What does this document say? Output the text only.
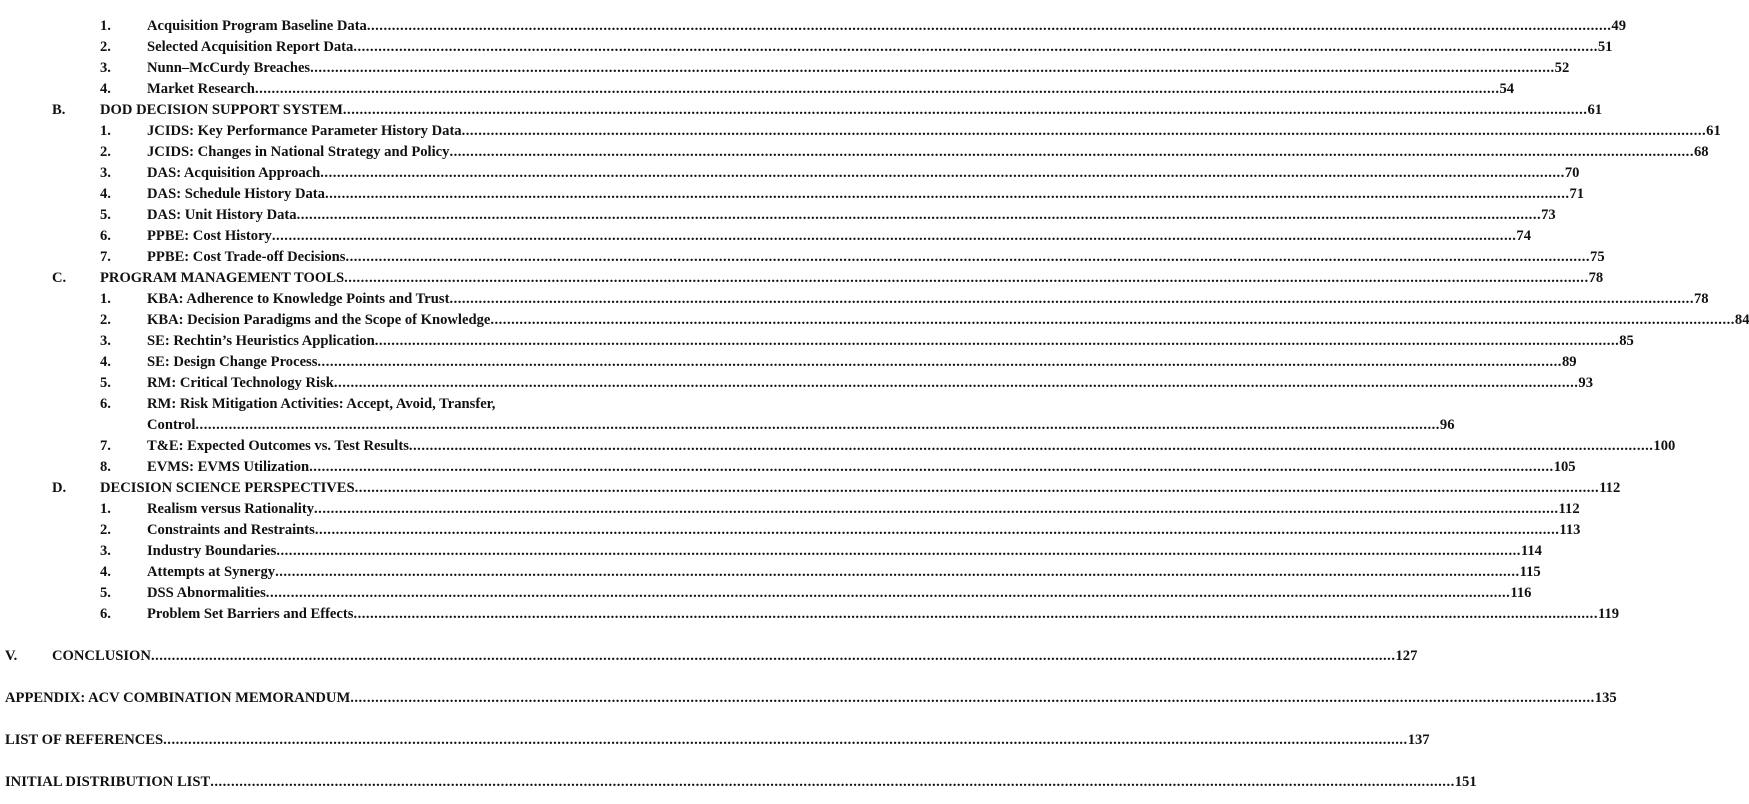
1. Acquisition Program Baseline Data ............................................................................................................................................................................................................................................................................................................ 49
2. Selected Acquisition Report Data ............................................................................................................................................................................................................................................................................................................ 51
3. Nunn–McCurdy Breaches ............................................................................................................................................................................................................................................................................................................ 52
4. Market Research ............................................................................................................................................................................................................................................................................................................ 54
B. DOD DECISION SUPPORT SYSTEM ............................................................................................................................................................................................................................................................................................................ 61
1. JCIDS: Key Performance Parameter History Data ............................................................................................................................................................................................................................................................................................................ 61
2. JCIDS: Changes in National Strategy and Policy ............................................................................................................................................................................................................................................................................................................ 68
3. DAS: Acquisition Approach ............................................................................................................................................................................................................................................................................................................ 70
4. DAS: Schedule History Data ............................................................................................................................................................................................................................................................................................................ 71
5. DAS: Unit History Data ............................................................................................................................................................................................................................................................................................................ 73
6. PPBE: Cost History ............................................................................................................................................................................................................................................................................................................ 74
7. PPBE: Cost Trade-off Decisions ............................................................................................................................................................................................................................................................................................................ 75
C. PROGRAM MANAGEMENT TOOLS ............................................................................................................................................................................................................................................................................................................ 78
1. KBA: Adherence to Knowledge Points and Trust ............................................................................................................................................................................................................................................................................................................ 78
2. KBA: Decision Paradigms and the Scope of Knowledge ............................................................................................................................................................................................................................................................................................................ 84
3. SE: Rechtin’s Heuristics Application ............................................................................................................................................................................................................................................................................................................ 85
4. SE: Design Change Process ............................................................................................................................................................................................................................................................................................................ 89
5. RM: Critical Technology Risk ............................................................................................................................................................................................................................................................................................................ 93
6. RM: Risk Mitigation Activities: Accept, Avoid, Transfer,
Control ............................................................................................................................................................................................................................................................................................................ 96
7. T&E: Expected Outcomes vs. Test Results ............................................................................................................................................................................................................................................................................................................ 100
8. EVMS: EVMS Utilization ............................................................................................................................................................................................................................................................................................................ 105
D. DECISION SCIENCE PERSPECTIVES ............................................................................................................................................................................................................................................................................................................ 112
1. Realism versus Rationality ............................................................................................................................................................................................................................................................................................................ 112
2. Constraints and Restraints ............................................................................................................................................................................................................................................................................................................ 113
3. Industry Boundaries ............................................................................................................................................................................................................................................................................................................ 114
4. Attempts at Synergy ............................................................................................................................................................................................................................................................................................................ 115
5. DSS Abnormalities ............................................................................................................................................................................................................................................................................................................ 116
6. Problem Set Barriers and Effects ............................................................................................................................................................................................................................................................................................................ 119
V. CONCLUSION ............................................................................................................................................................................................................................................................................................................ 127
APPENDIX: ACV COMBINATION MEMORANDUM ............................................................................................................................................................................................................................................................................................................ 135
LIST OF REFERENCES ............................................................................................................................................................................................................................................................................................................ 137
INITIAL DISTRIBUTION LIST ............................................................................................................................................................................................................................................................................................................ 151
